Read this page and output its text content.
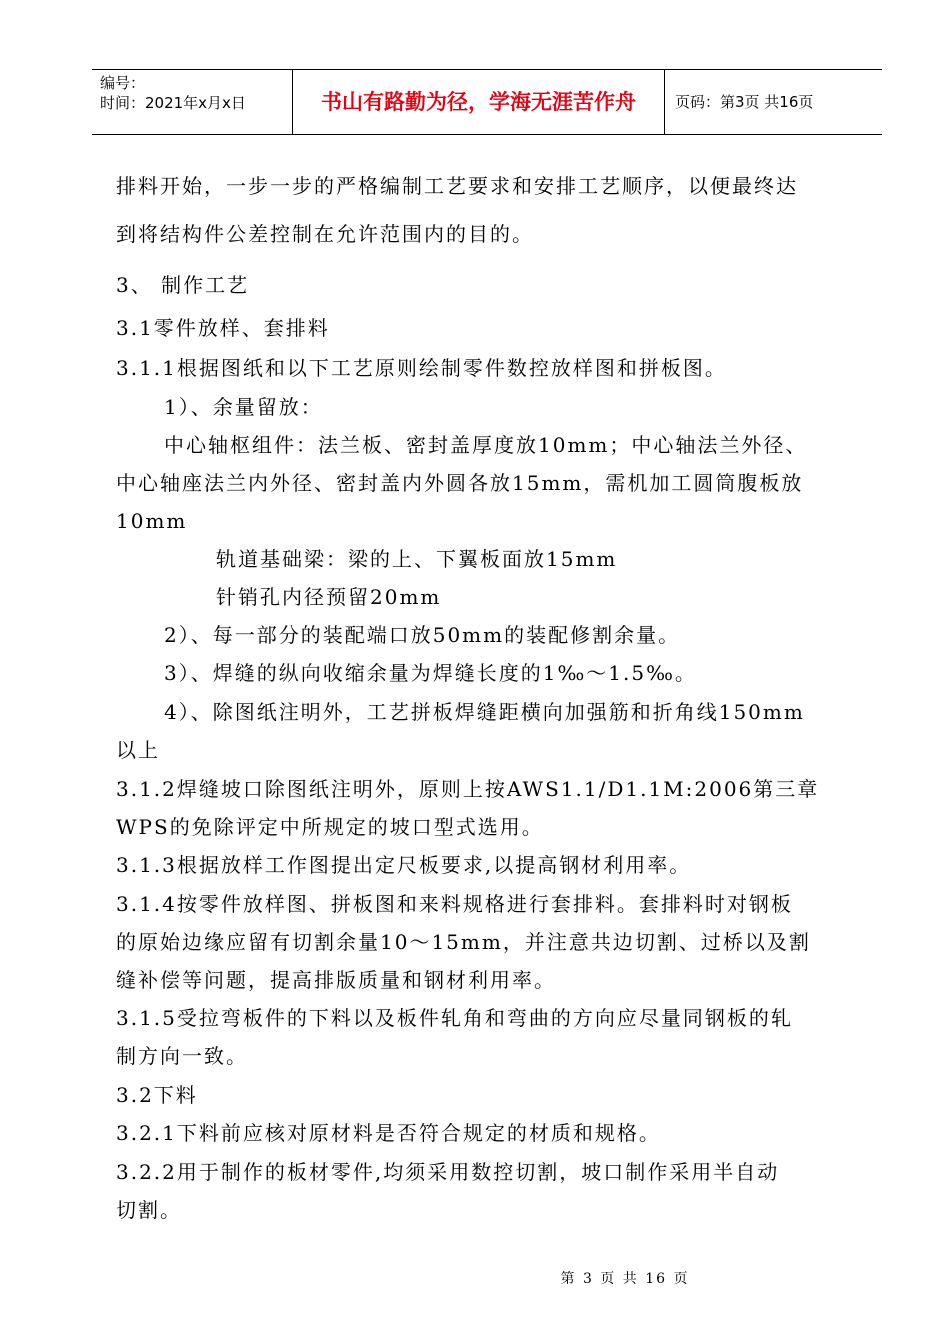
编号：
时间：2021年x月x日	书山有路勤为径，学海无涯苦作舟	页码：第3页 共16页
排料开始，一步一步的严格编制工艺要求和安排工艺顺序，以便最终达
到将结构件公差控制在允许范围内的目的。
3、 制作工艺
3.1零件放样、套排料
3.1.1根据图纸和以下工艺原则绘制零件数控放样图和拼板图。
1）、余量留放：
中心轴枢组件：法兰板、密封盖厚度放10mm；中心轴法兰外径、
中心轴座法兰内外径、密封盖内外圆各放15mm，需机加工圆筒腹板放
10mm
轨道基础梁：梁的上、下翼板面放15mm
针销孔内径预留20mm
2）、每一部分的装配端口放50mm的装配修割余量。
3）、焊缝的纵向收缩余量为焊缝长度的1‰～1.5‰。
4）、除图纸注明外，工艺拼板焊缝距横向加强筋和折角线150mm
以上
3.1.2焊缝坡口除图纸注明外，原则上按AWS1.1/D1.1M:2006第三章
WPS的免除评定中所规定的坡口型式选用。
3.1.3根据放样工作图提出定尺板要求,以提高钢材利用率。
3.1.4按零件放样图、拼板图和来料规格进行套排料。套排料时对钢板
的原始边缘应留有切割余量10～15mm，并注意共边切割、过桥以及割
缝补偿等问题，提高排版质量和钢材利用率。
3.1.5受拉弯板件的下料以及板件轧角和弯曲的方向应尽量同钢板的轧
制方向一致。
3.2下料
3.2.1下料前应核对原材料是否符合规定的材质和规格。
3.2.2用于制作的板材零件,均须采用数控切割，坡口制作采用半自动
切割。
第 3 页 共 16 页
